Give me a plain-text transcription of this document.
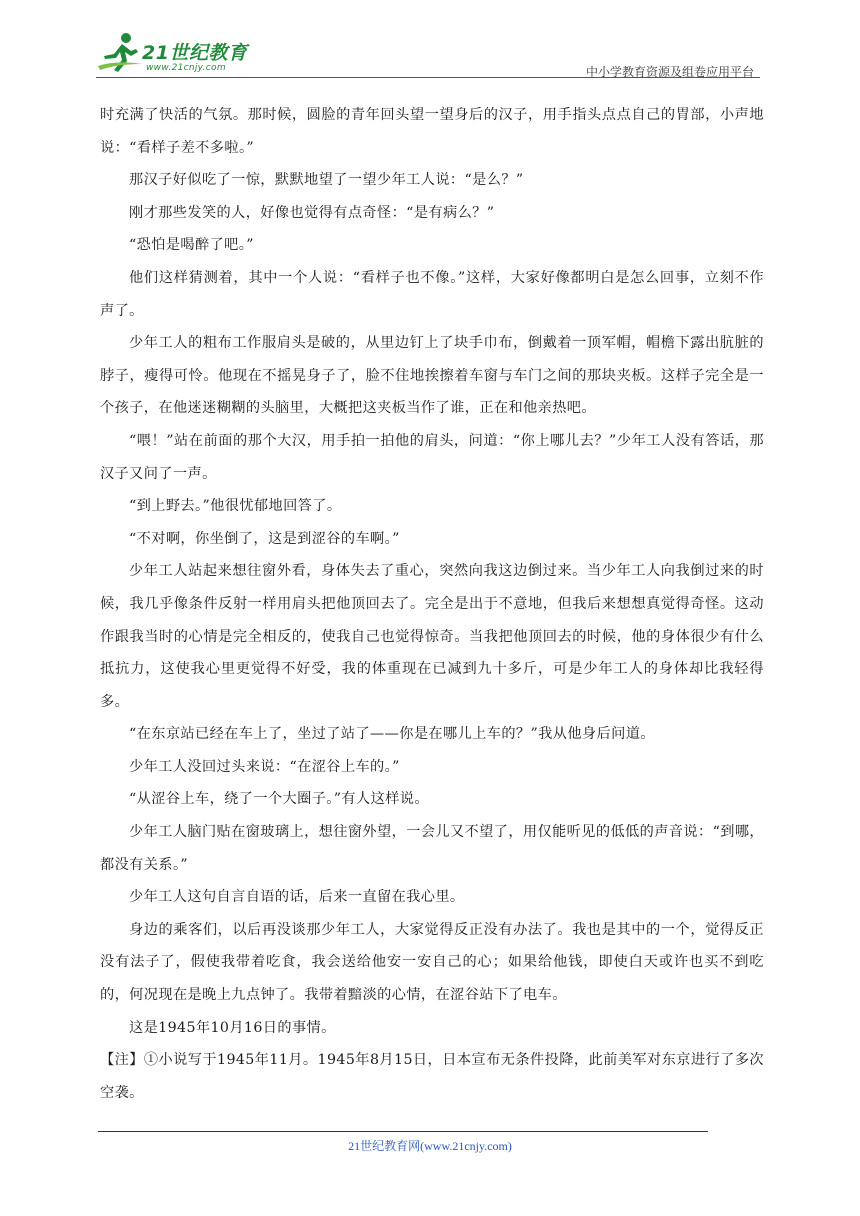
21世纪教育
www.21cnjy.com	中小学教育资源及组卷应用平台

时充满了快活的气氛。那时候，圆脸的青年回头望一望身后的汉子，用手指头点点自己的胃部，小声地说：“看样子差不多啦。”

那汉子好似吃了一惊，默默地望了一望少年工人说：“是么？”

刚才那些发笑的人，好像也觉得有点奇怪：“是有病么？”

“恐怕是喝醉了吧。”

他们这样猜测着，其中一个人说：“看样子也不像。”这样，大家好像都明白是怎么回事，立刻不作声了。

少年工人的粗布工作服肩头是破的，从里边钉上了块手巾布，倒戴着一顶军帽，帽檐下露出肮脏的脖子，瘦得可怜。他现在不摇晃身子了，脸不住地挨擦着车窗与车门之间的那块夹板。这样子完全是一个孩子，在他迷迷糊糊的头脑里，大概把这夹板当作了谁，正在和他亲热吧。

“喂！”站在前面的那个大汉，用手拍一拍他的肩头，问道：“你上哪儿去？”少年工人没有答话，那汉子又问了一声。

“到上野去。”他很忧郁地回答了。

“不对啊，你坐倒了，这是到涩谷的车啊。”

少年工人站起来想往窗外看，身体失去了重心，突然向我这边倒过来。当少年工人向我倒过来的时候，我几乎像条件反射一样用肩头把他顶回去了。完全是出于不意地，但我后来想想真觉得奇怪。这动作跟我当时的心情是完全相反的，使我自己也觉得惊奇。当我把他顶回去的时候，他的身体很少有什么抵抗力，这使我心里更觉得不好受，我的体重现在已减到九十多斤，可是少年工人的身体却比我轻得多。

“在东京站已经在车上了，坐过了站了——你是在哪儿上车的？”我从他身后问道。

少年工人没回过头来说：“在涩谷上车的。”

“从涩谷上车，绕了一个大圈子。”有人这样说。

少年工人脑门贴在窗玻璃上，想往窗外望，一会儿又不望了，用仅能听见的低低的声音说：“到哪，都没有关系。”

少年工人这句自言自语的话，后来一直留在我心里。

身边的乘客们，以后再没谈那少年工人，大家觉得反正没有办法了。我也是其中的一个，觉得反正没有法子了，假使我带着吃食，我会送给他安一安自己的心；如果给他钱，即使白天或许也买不到吃的，何况现在是晚上九点钟了。我带着黯淡的心情，在涩谷站下了电车。

这是1945年10月16日的事情。

【注】①小说写于1945年11月。1945年8月15日，日本宣布无条件投降，此前美军对东京进行了多次空袭。

21世纪教育网(www.21cnjy.com)
